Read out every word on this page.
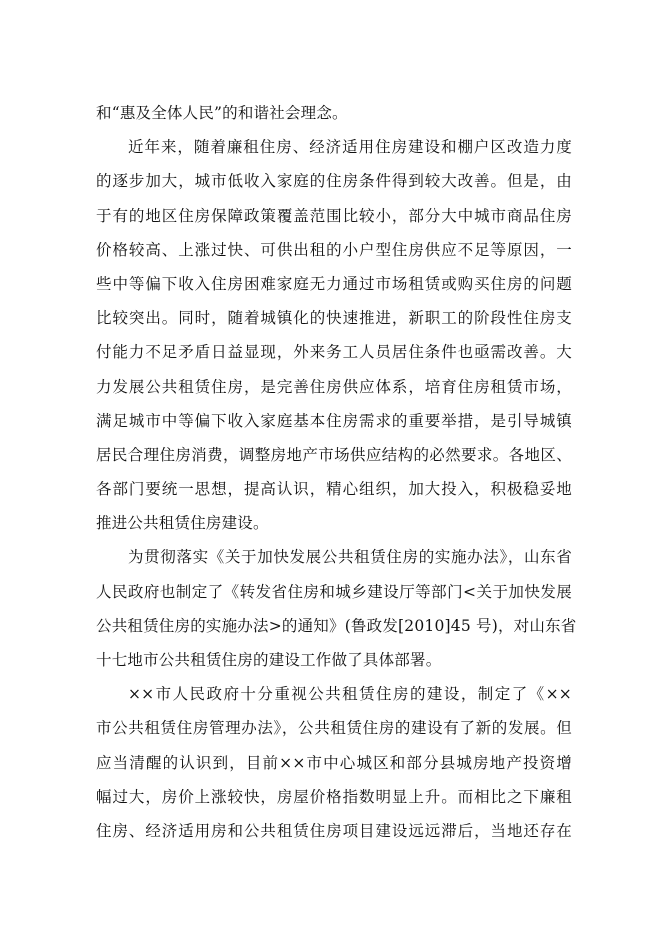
和“惠及全体人民”的和谐社会理念。
近年来，随着廉租住房、经济适用住房建设和棚户区改造力度
的逐步加大，城市低收入家庭的住房条件得到较大改善。但是，由
于有的地区住房保障政策覆盖范围比较小，部分大中城市商品住房
价格较高、上涨过快、可供出租的小户型住房供应不足等原因，一
些中等偏下收入住房困难家庭无力通过市场租赁或购买住房的问题
比较突出。同时，随着城镇化的快速推进，新职工的阶段性住房支
付能力不足矛盾日益显现，外来务工人员居住条件也亟需改善。大
力发展公共租赁住房，是完善住房供应体系，培育住房租赁市场，
满足城市中等偏下收入家庭基本住房需求的重要举措，是引导城镇
居民合理住房消费，调整房地产市场供应结构的必然要求。各地区、
各部门要统一思想，提高认识，精心组织，加大投入，积极稳妥地
推进公共租赁住房建设。
为贯彻落实《关于加快发展公共租赁住房的实施办法》，山东省
人民政府也制定了《转发省住房和城乡建设厅等部门<关于加快发展
公共租赁住房的实施办法>的通知》(鲁政发[2010]45 号)，对山东省
十七地市公共租赁住房的建设工作做了具体部署。
××市人民政府十分重视公共租赁住房的建设，制定了《××
市公共租赁住房管理办法》，公共租赁住房的建设有了新的发展。但
应当清醒的认识到，目前××市中心城区和部分县城房地产投资增
幅过大，房价上涨较快，房屋价格指数明显上升。而相比之下廉租
住房、经济适用房和公共租赁住房项目建设远远滞后，当地还存在
